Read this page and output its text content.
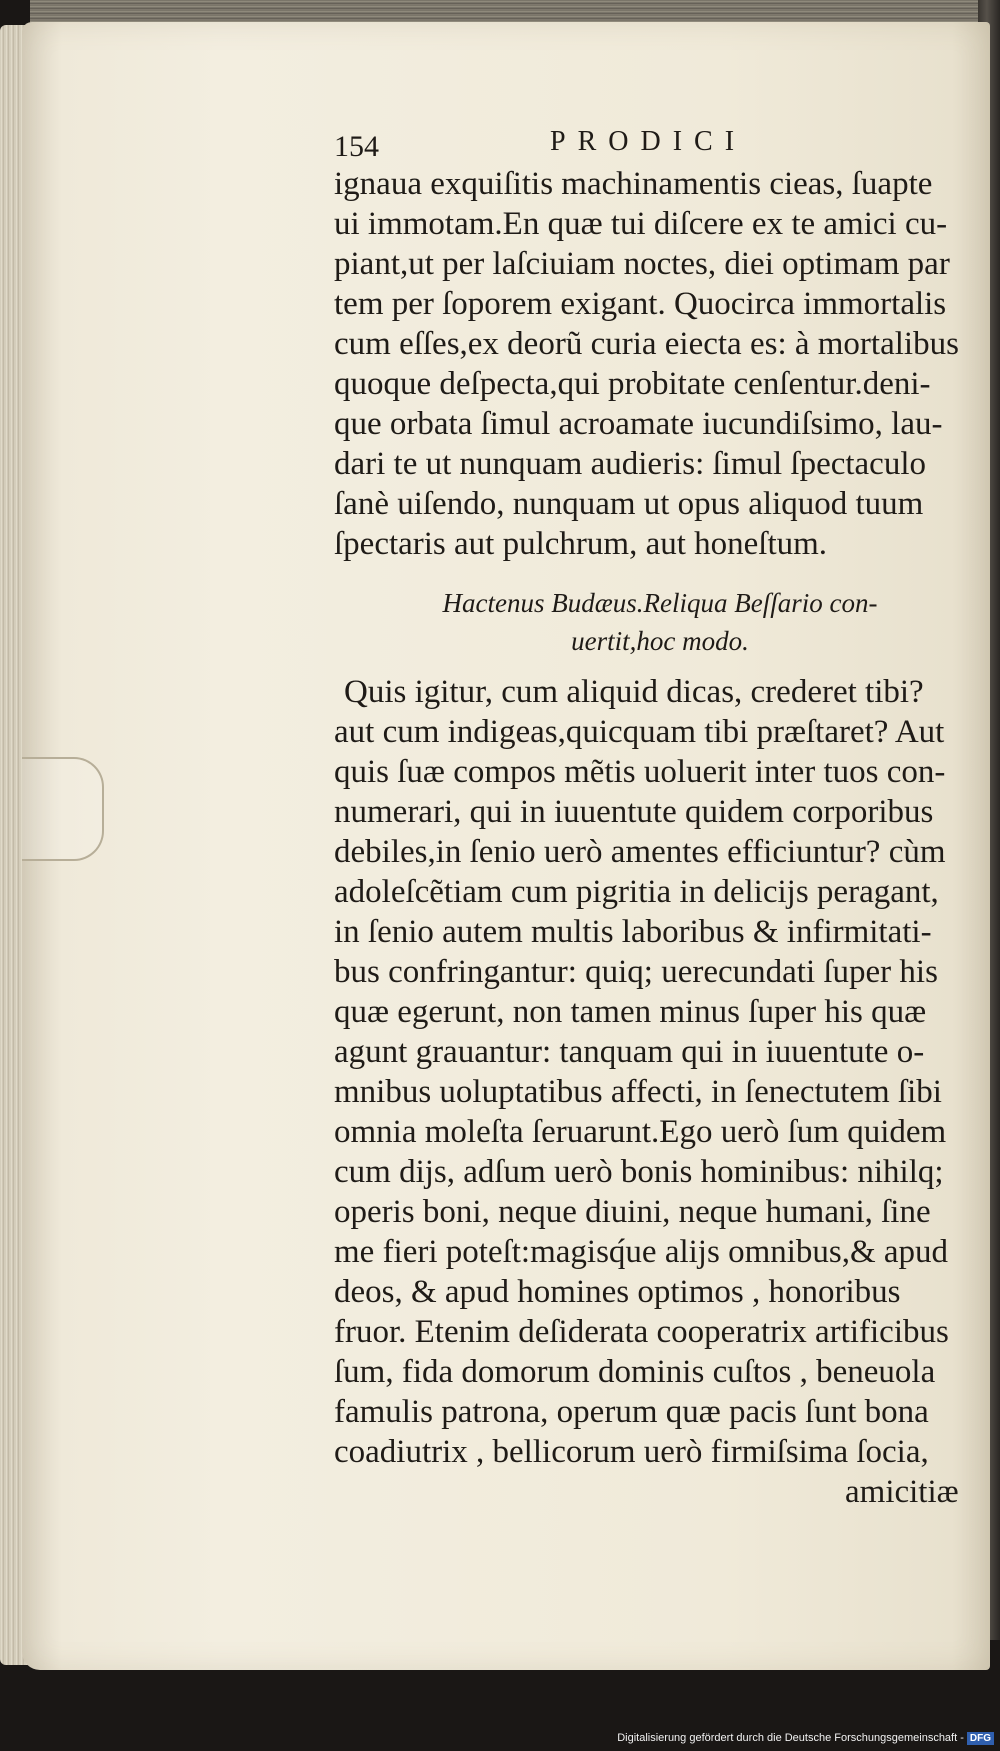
154	PRODICI
ignaua exquiſitis machinamentis cieas, ſuapte
ui immotam.En quæ tui diſcere ex te amici cu-
piant,ut per laſciuiam noctes, diei optimam par
tem per ſoporem exigant. Quocirca immortalis
cum eſſes,ex deorũ curia eiecta es: à mortalibus
quoque deſpecta,qui probitate cenſentur.deni-
que orbata ſimul acroamate iucundiſsimo, lau-
dari te ut nunquam audieris: ſimul ſpectaculo
ſanè uiſendo, nunquam ut opus aliquod tuum
ſpectaris aut pulchrum, aut honeſtum.
Hactenus Budæus.Reliqua Beſſario con-
uertit,hoc modo.
Quis igitur, cum aliquid dicas, crederet tibi?
aut cum indigeas,quicquam tibi præſtaret? Aut
quis ſuæ compos mẽtis uoluerit inter tuos con-
numerari, qui in iuuentute quidem corporibus
debiles,in ſenio uerò amentes efficiuntur? cùm
adoleſcẽtiam cum pigritia in delicijs peragant,
in ſenio autem multis laboribus & infirmitati-
bus confringantur: quiq; uerecundati ſuper his
quæ egerunt, non tamen minus ſuper his quæ
agunt grauantur: tanquam qui in iuuentute o-
mnibus uoluptatibus affecti, in ſenectutem ſibi
omnia moleſta ſeruarunt.Ego uerò ſum quidem
cum dijs, adſum uerò bonis hominibus: nihilq;
operis boni, neque diuini, neque humani, ſine
me fieri poteſt:magisq́ue alijs omnibus,& apud
deos, & apud homines optimos , honoribus
fruor. Etenim deſiderata cooperatrix artificibus
ſum, fida domorum dominis cuſtos , beneuola
famulis patrona, operum quæ pacis ſunt bona
coadiutrix , bellicorum uerò firmiſsima ſocia,
amicitiæ
Digitalisierung gefördert durch die Deutsche Forschungsgemeinschaft - DFG
